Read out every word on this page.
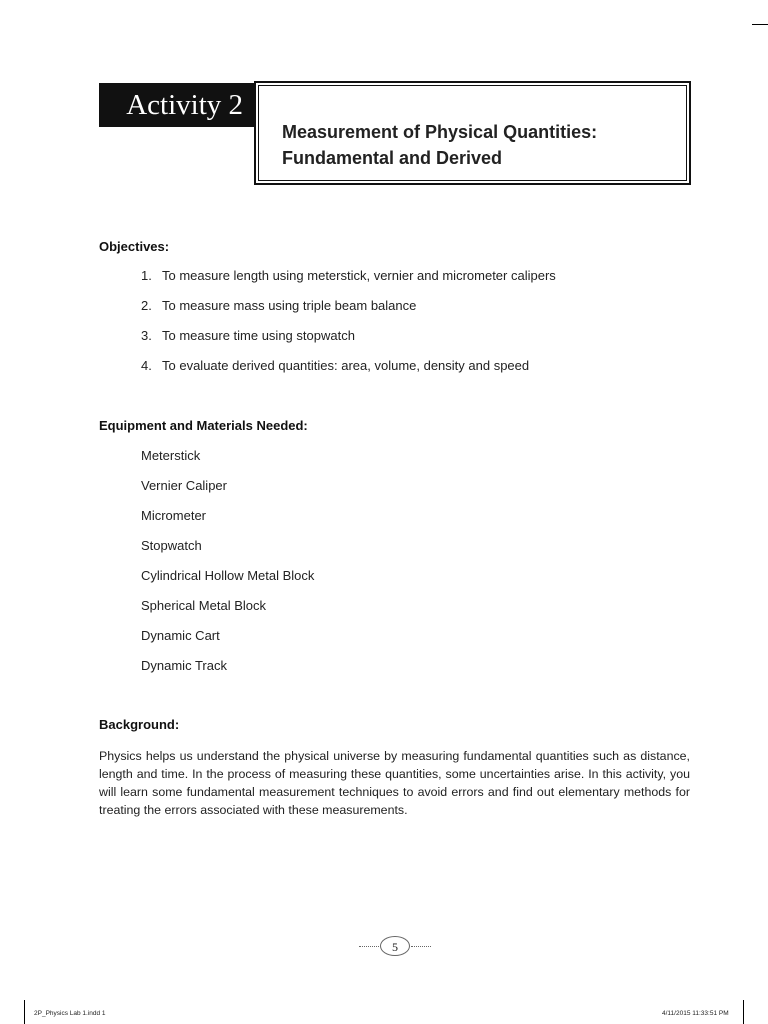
Activity 2
Measurement of Physical Quantities:
Fundamental and Derived
Objectives:
1. To measure length using meterstick, vernier and micrometer calipers
2. To measure mass using triple beam balance
3. To measure time using stopwatch
4. To evaluate derived quantities: area, volume, density and speed
Equipment and Materials Needed:
Meterstick
Vernier Caliper
Micrometer
Stopwatch
Cylindrical Hollow Metal Block
Spherical Metal Block
Dynamic Cart
Dynamic Track
Background:
Physics helps us understand the physical universe by measuring fundamental quantities such as distance, length and time. In the process of measuring these quantities, some uncertainties arise. In this activity, you will learn some fundamental measurement techniques to avoid errors and find out elementary methods for treating the errors associated with these measurements.
5
2P_Physics Lab 1.indd 1	4/11/2015 11:33:51 PM
